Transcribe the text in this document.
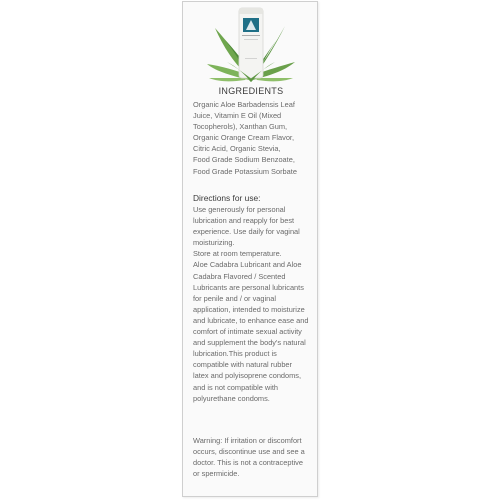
INGREDIENTS

Organic Aloe Barbadensis Leaf
Juice, Vitamin E Oil (Mixed
Tocopherols), Xanthan Gum,
Organic Orange Cream Flavor,
Citric Acid, Organic Stevia,
Food Grade Sodium Benzoate,
Food Grade Potassium Sorbate

Directions for use:

Use generously for personal
lubrication and reapply for best
experience. Use daily for vaginal
moisturizing.
Store at room temperature.
Aloe Cadabra Lubricant and Aloe
Cadabra Flavored / Scented
Lubricants are personal lubricants
for penile and / or vaginal
application, intended to moisturize
and lubricate, to enhance ease and
comfort of intimate sexual activity
and supplement the body's natural
lubrication.This product is
compatible with natural rubber
latex and polyisoprene condoms,
and is not compatible with
polyurethane condoms.

Warning: If irritation or discomfort
occurs, discontinue use and see a
doctor. This is not a contraceptive
or spermicide.
